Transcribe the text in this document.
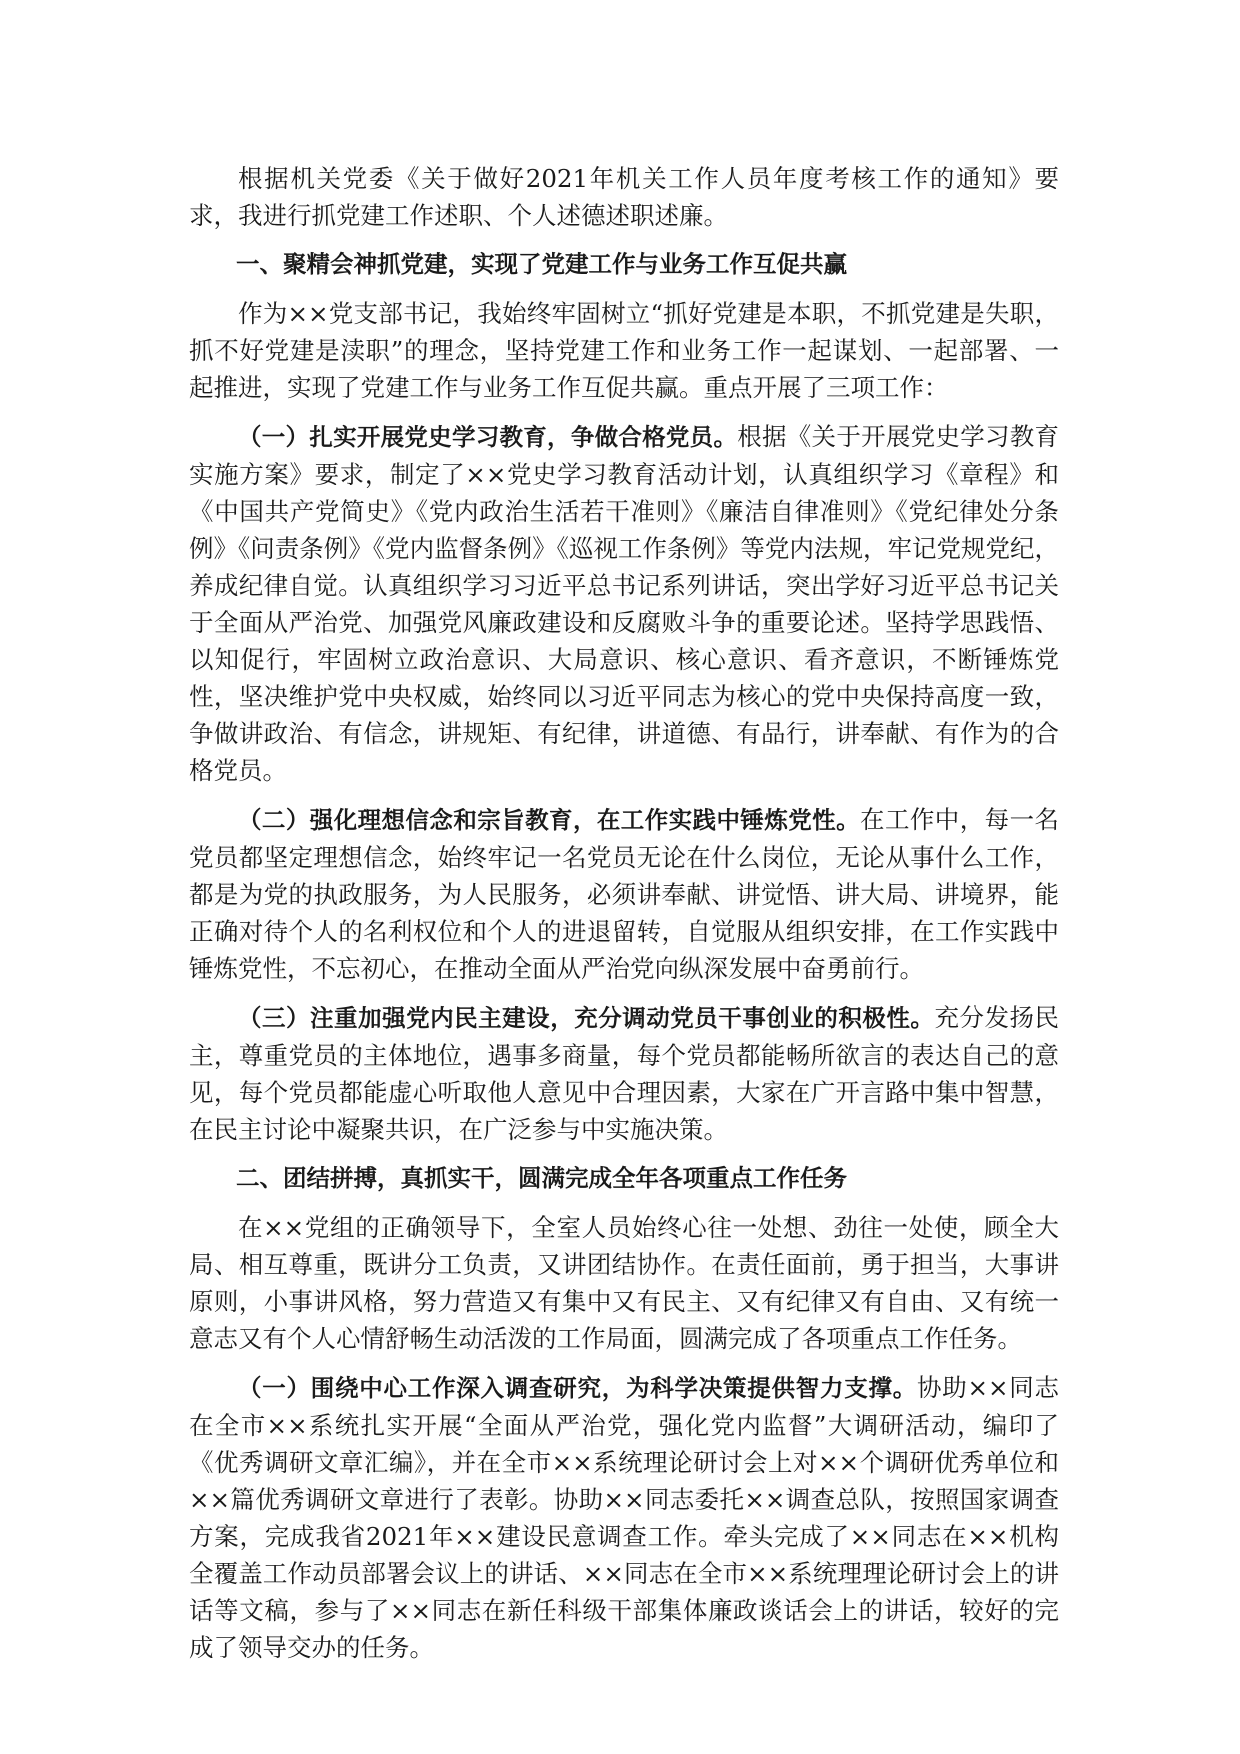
根据机关党委《关于做好2021年机关工作人员年度考核工作的通知》要求，我进行抓党建工作述职、个人述德述职述廉。

一、聚精会神抓党建，实现了党建工作与业务工作互促共赢

作为××党支部书记，我始终牢固树立“抓好党建是本职，不抓党建是失职，抓不好党建是渎职”的理念，坚持党建工作和业务工作一起谋划、一起部署、一起推进，实现了党建工作与业务工作互促共赢。重点开展了三项工作：

（一）扎实开展党史学习教育，争做合格党员。根据《关于开展党史学习教育实施方案》要求，制定了××党史学习教育活动计划，认真组织学习《章程》和《中国共产党简史》《党内政治生活若干准则》《廉洁自律准则》《党纪律处分条例》《问责条例》《党内监督条例》《巡视工作条例》等党内法规，牢记党规党纪，养成纪律自觉。认真组织学习习近平总书记系列讲话，突出学好习近平总书记关于全面从严治党、加强党风廉政建设和反腐败斗争的重要论述。坚持学思践悟、以知促行，牢固树立政治意识、大局意识、核心意识、看齐意识，不断锤炼党性，坚决维护党中央权威，始终同以习近平同志为核心的党中央保持高度一致，争做讲政治、有信念，讲规矩、有纪律，讲道德、有品行，讲奉献、有作为的合格党员。

（二）强化理想信念和宗旨教育，在工作实践中锤炼党性。在工作中，每一名党员都坚定理想信念，始终牢记一名党员无论在什么岗位，无论从事什么工作，都是为党的执政服务，为人民服务，必须讲奉献、讲觉悟、讲大局、讲境界，能正确对待个人的名利权位和个人的进退留转，自觉服从组织安排，在工作实践中锤炼党性，不忘初心，在推动全面从严治党向纵深发展中奋勇前行。

（三）注重加强党内民主建设，充分调动党员干事创业的积极性。充分发扬民主，尊重党员的主体地位，遇事多商量，每个党员都能畅所欲言的表达自己的意见，每个党员都能虚心听取他人意见中合理因素，大家在广开言路中集中智慧，在民主讨论中凝聚共识，在广泛参与中实施决策。

二、团结拼搏，真抓实干，圆满完成全年各项重点工作任务

在××党组的正确领导下，全室人员始终心往一处想、劲往一处使，顾全大局、相互尊重，既讲分工负责，又讲团结协作。在责任面前，勇于担当，大事讲原则，小事讲风格，努力营造又有集中又有民主、又有纪律又有自由、又有统一意志又有个人心情舒畅生动活泼的工作局面，圆满完成了各项重点工作任务。

（一）围绕中心工作深入调查研究，为科学决策提供智力支撑。协助××同志在全市××系统扎实开展“全面从严治党，强化党内监督”大调研活动，编印了《优秀调研文章汇编》，并在全市××系统理论研讨会上对××个调研优秀单位和××篇优秀调研文章进行了表彰。协助××同志委托××调查总队，按照国家调查方案，完成我省2021年××建设民意调查工作。牵头完成了××同志在××机构全覆盖工作动员部署会议上的讲话、××同志在全市××系统理理论研讨会上的讲话等文稿，参与了××同志在新任科级干部集体廉政谈话会上的讲话，较好的完成了领导交办的任务。
